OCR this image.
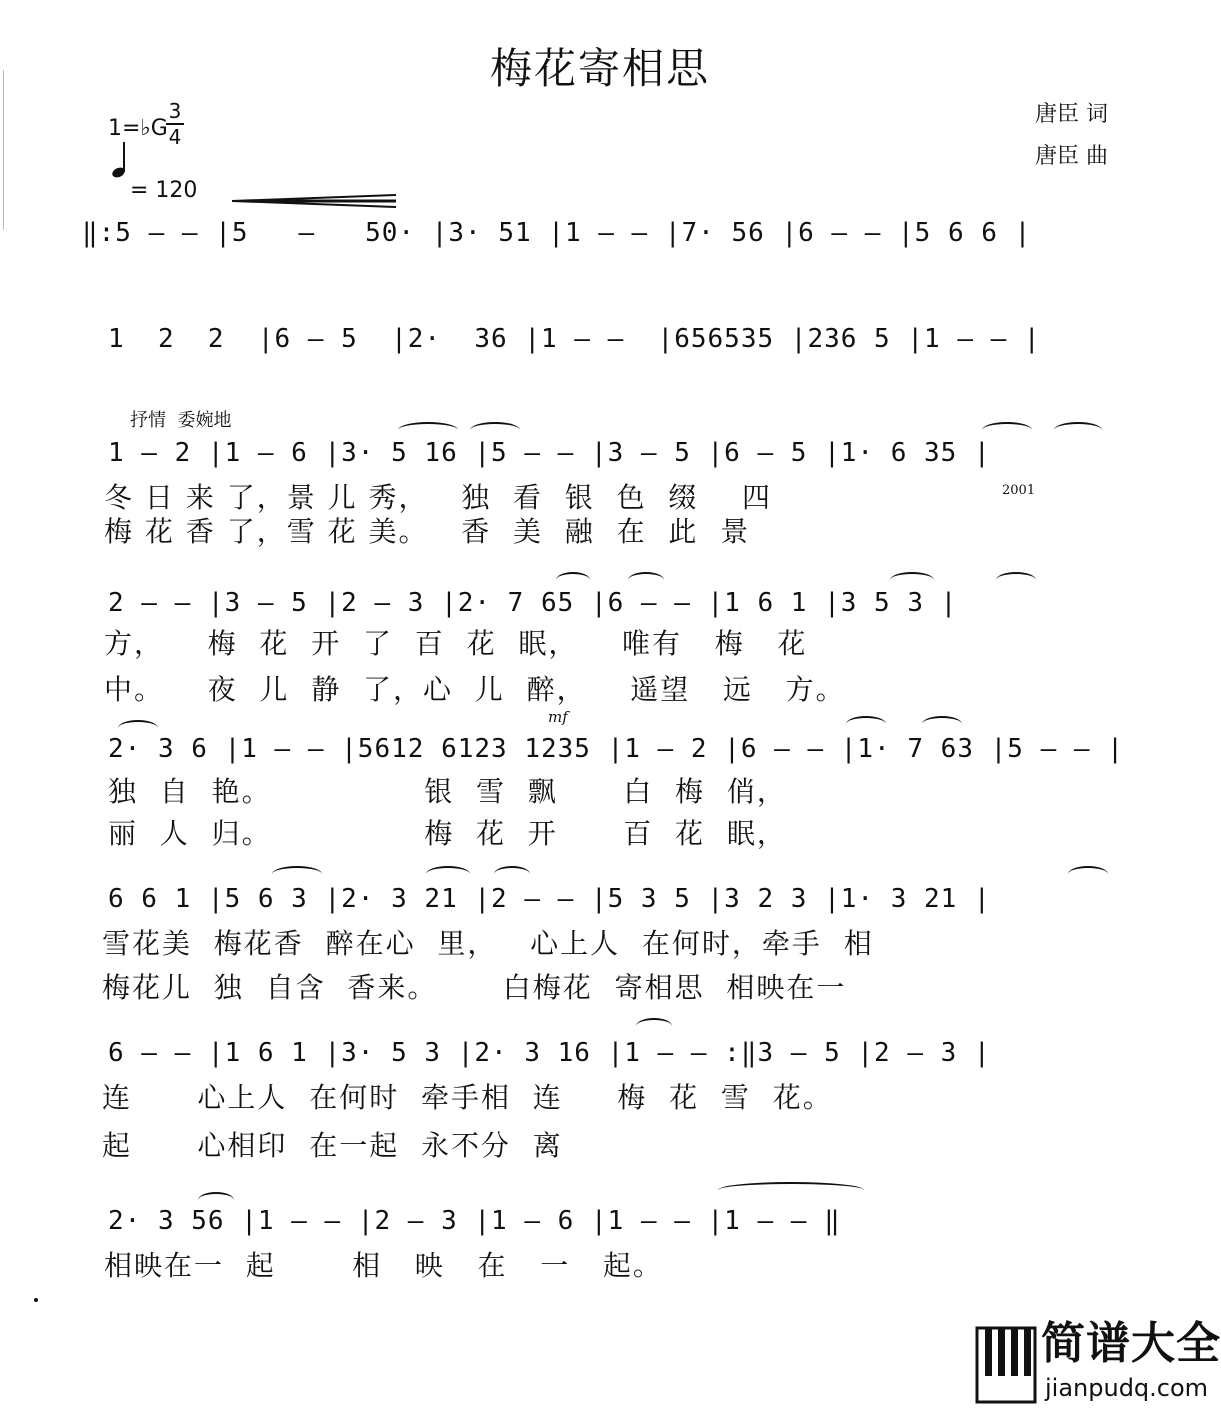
梅花寄相思
唐臣 词
唐臣 曲
1=♭G
3
4
= 120
‖:5 — — |5   —   50· |3· 51 |1 — — |7· 56 |6 — — |5 6 6 |
1  2  2  |6 — 5  |2·  36 |1 — —  |656535 |236 5 |1 — — |
抒情  委婉地
1 — 2 |1 — 6 |3· 5 16 |5 — — |3 — 5 |6 — 5 |1· 6 35 |
冬 日 来 了，景 儿 秀，   独  看  银  色  缀    四	2001
梅 花 香 了，雪 花 美。   香  美  融  在  此  景
2 — — |3 — 5 |2 — 3 |2· 7 65 |6 — — |1 6 1 |3 5 3 |
方，    梅  花  开  了  百  花  眠，    唯有   梅   花
中。    夜  儿  静  了，心  儿  醉，    遥望   远   方。
mf
2· 3 6 |1 — — |5612 6123 1235 |1 — 2 |6 — — |1· 7 63 |5 — — |
独  自  艳。              银  雪  飘      白  梅  俏，
丽  人  归。              梅  花  开      百  花  眠，
6 6 1 |5 6 3 |2· 3 21 |2 — — |5 3 5 |3 2 3 |1· 3 21 |
雪花美  梅花香  醉在心  里，   心上人  在何时，牵手  相
梅花儿  独  自含  香来。      白梅花  寄相思  相映在一
6 — — |1 6 1 |3· 5 3 |2· 3 16 |1 — — :‖3 — 5 |2 — 3 |
连      心上人  在何时  牵手相  连     梅  花  雪  花。
起      心相印  在一起  永不分  离
2· 3 56 |1 — — |2 — 3 |1 — 6 |1 — — |1 — — ‖
相映在一  起       相   映   在   一   起。
简谱大全
jianpudq.com
